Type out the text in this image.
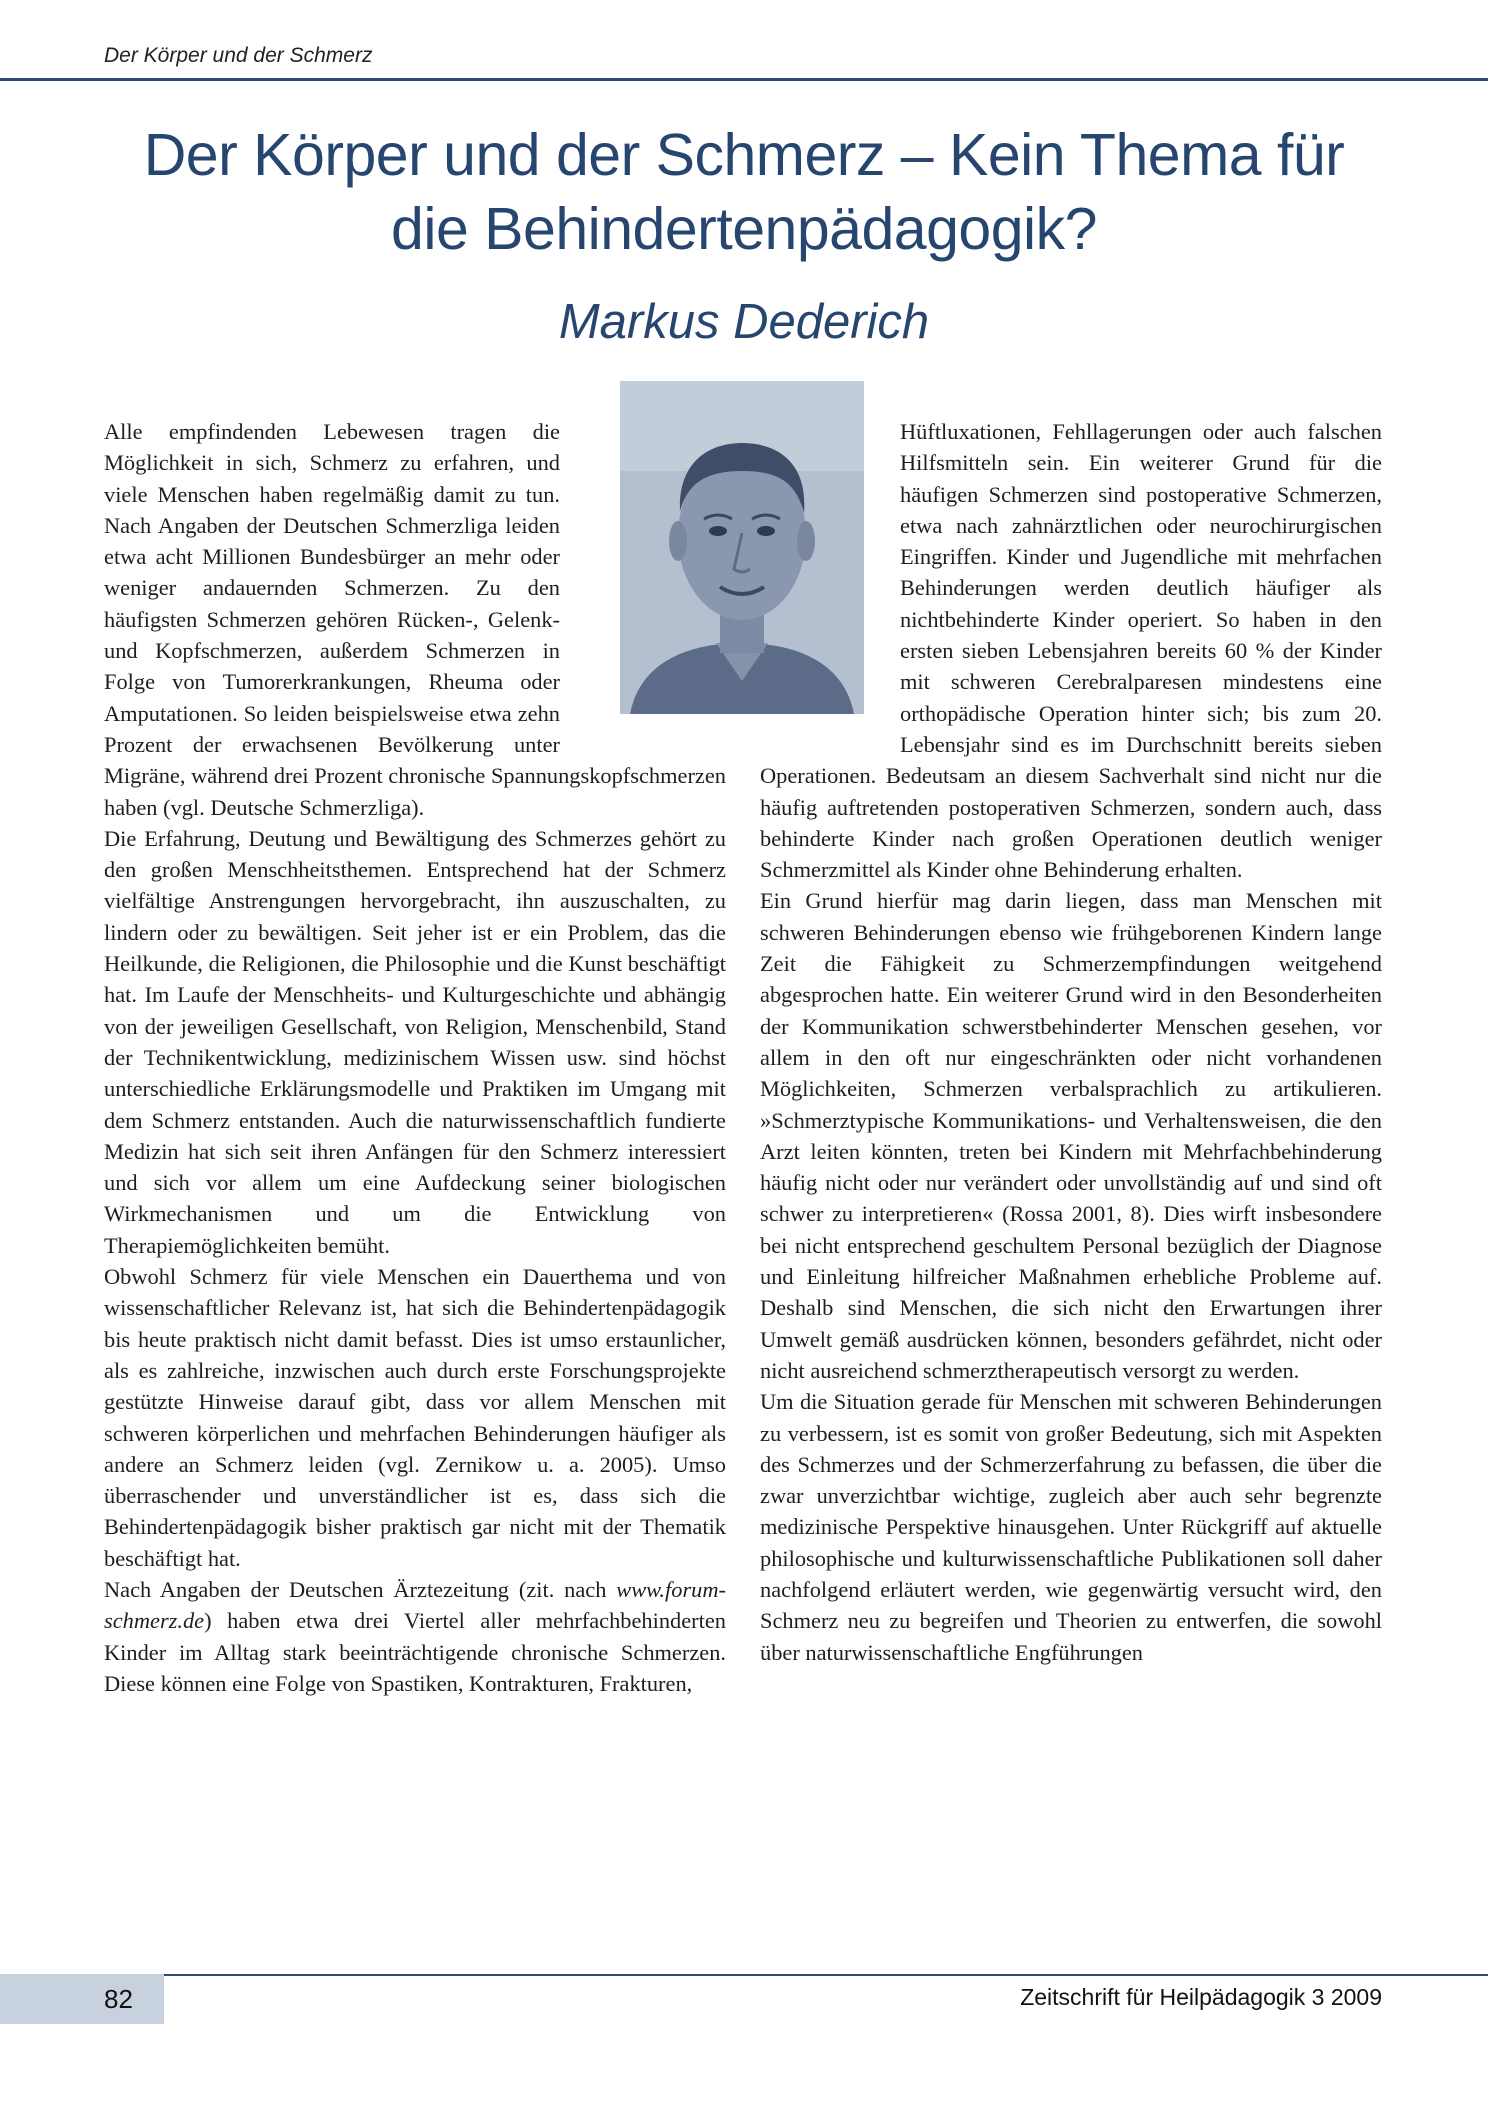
Der Körper und der Schmerz
Der Körper und der Schmerz – Kein Thema für
die Behindertenpädagogik?
Markus Dederich

Alle empfindenden Lebewesen tragen die Möglichkeit in sich, Schmerz zu erfahren, und viele Menschen haben regelmäßig damit zu tun. Nach Angaben der Deutschen Schmerzliga leiden etwa acht Millionen Bundesbürger an mehr oder weniger andauernden Schmerzen. Zu den häufigsten Schmerzen gehören Rücken-, Gelenk- und Kopfschmerzen, außerdem Schmerzen in Folge von Tumorerkrankungen, Rheuma oder Amputationen. So leiden beispielsweise etwa zehn Prozent der erwachsenen Bevölkerung unter Migräne, während drei Prozent chronische Spannungskopfschmerzen haben (vgl. Deutsche Schmerzliga).

Die Erfahrung, Deutung und Bewältigung des Schmerzes gehört zu den großen Menschheitsthemen. Entsprechend hat der Schmerz vielfältige Anstrengungen hervorgebracht, ihn auszuschalten, zu lindern oder zu bewältigen. Seit jeher ist er ein Problem, das die Heilkunde, die Religionen, die Philosophie und die Kunst beschäftigt hat. Im Laufe der Menschheits- und Kulturgeschichte und abhängig von der jeweiligen Gesellschaft, von Religion, Menschenbild, Stand der Technikentwicklung, medizinischem Wissen usw. sind höchst unterschiedliche Erklärungsmodelle und Praktiken im Umgang mit dem Schmerz entstanden. Auch die naturwissenschaftlich fundierte Medizin hat sich seit ihren Anfängen für den Schmerz interessiert und sich vor allem um eine Aufdeckung seiner biologischen Wirkmechanismen und um die Entwicklung von Therapiemöglichkeiten bemüht.

Obwohl Schmerz für viele Menschen ein Dauerthema und von wissenschaftlicher Relevanz ist, hat sich die Behindertenpädagogik bis heute praktisch nicht damit befasst. Dies ist umso erstaunlicher, als es zahlreiche, inzwischen auch durch erste Forschungsprojekte gestützte Hinweise darauf gibt, dass vor allem Menschen mit schweren körperlichen und mehrfachen Behinderungen häufiger als andere an Schmerz leiden (vgl. Zernikow u. a. 2005). Umso überraschender und unverständlicher ist es, dass sich die Behindertenpädagogik bisher praktisch gar nicht mit der Thematik beschäftigt hat.

Nach Angaben der Deutschen Ärztezeitung (zit. nach www.forum-schmerz.de) haben etwa drei Viertel aller mehrfachbehinderten Kinder im Alltag stark beeinträchtigende chronische Schmerzen. Diese können eine Folge von Spastiken, Kontrakturen, Frakturen,

Hüftluxationen, Fehllagerungen oder auch falschen Hilfsmitteln sein. Ein weiterer Grund für die häufigen Schmerzen sind postoperative Schmerzen, etwa nach zahnärztlichen oder neurochirurgischen Eingriffen. Kinder und Jugendliche mit mehrfachen Behinderungen werden deutlich häufiger als nichtbehinderte Kinder operiert. So haben in den ersten sieben Lebensjahren bereits 60 % der Kinder mit schweren Cerebralparesen mindestens eine orthopädische Operation hinter sich; bis zum 20. Lebensjahr sind es im Durchschnitt bereits sieben Operationen. Bedeutsam an diesem Sachverhalt sind nicht nur die häufig auftretenden postoperativen Schmerzen, sondern auch, dass behinderte Kinder nach großen Operationen deutlich weniger Schmerzmittel als Kinder ohne Behinderung erhalten.

Ein Grund hierfür mag darin liegen, dass man Menschen mit schweren Behinderungen ebenso wie frühgeborenen Kindern lange Zeit die Fähigkeit zu Schmerzempfindungen weitgehend abgesprochen hatte. Ein weiterer Grund wird in den Besonderheiten der Kommunikation schwerstbehinderter Menschen gesehen, vor allem in den oft nur eingeschränkten oder nicht vorhandenen Möglichkeiten, Schmerzen verbalsprachlich zu artikulieren. »Schmerztypische Kommunikations- und Verhaltensweisen, die den Arzt leiten könnten, treten bei Kindern mit Mehrfachbehinderung häufig nicht oder nur verändert oder unvollständig auf und sind oft schwer zu interpretieren« (Rossa 2001, 8). Dies wirft insbesondere bei nicht entsprechend geschultem Personal bezüglich der Diagnose und Einleitung hilfreicher Maßnahmen erhebliche Probleme auf. Deshalb sind Menschen, die sich nicht den Erwartungen ihrer Umwelt gemäß ausdrücken können, besonders gefährdet, nicht oder nicht ausreichend schmerztherapeutisch versorgt zu werden.

Um die Situation gerade für Menschen mit schweren Behinderungen zu verbessern, ist es somit von großer Bedeutung, sich mit Aspekten des Schmerzes und der Schmerzerfahrung zu befassen, die über die zwar unverzichtbar wichtige, zugleich aber auch sehr begrenzte medizinische Perspektive hinausgehen. Unter Rückgriff auf aktuelle philosophische und kulturwissenschaftliche Publikationen soll daher nachfolgend erläutert werden, wie gegenwärtig versucht wird, den Schmerz neu zu begreifen und Theorien zu entwerfen, die sowohl über naturwissenschaftliche Engführungen

82	Zeitschrift für Heilpädagogik 3 2009
